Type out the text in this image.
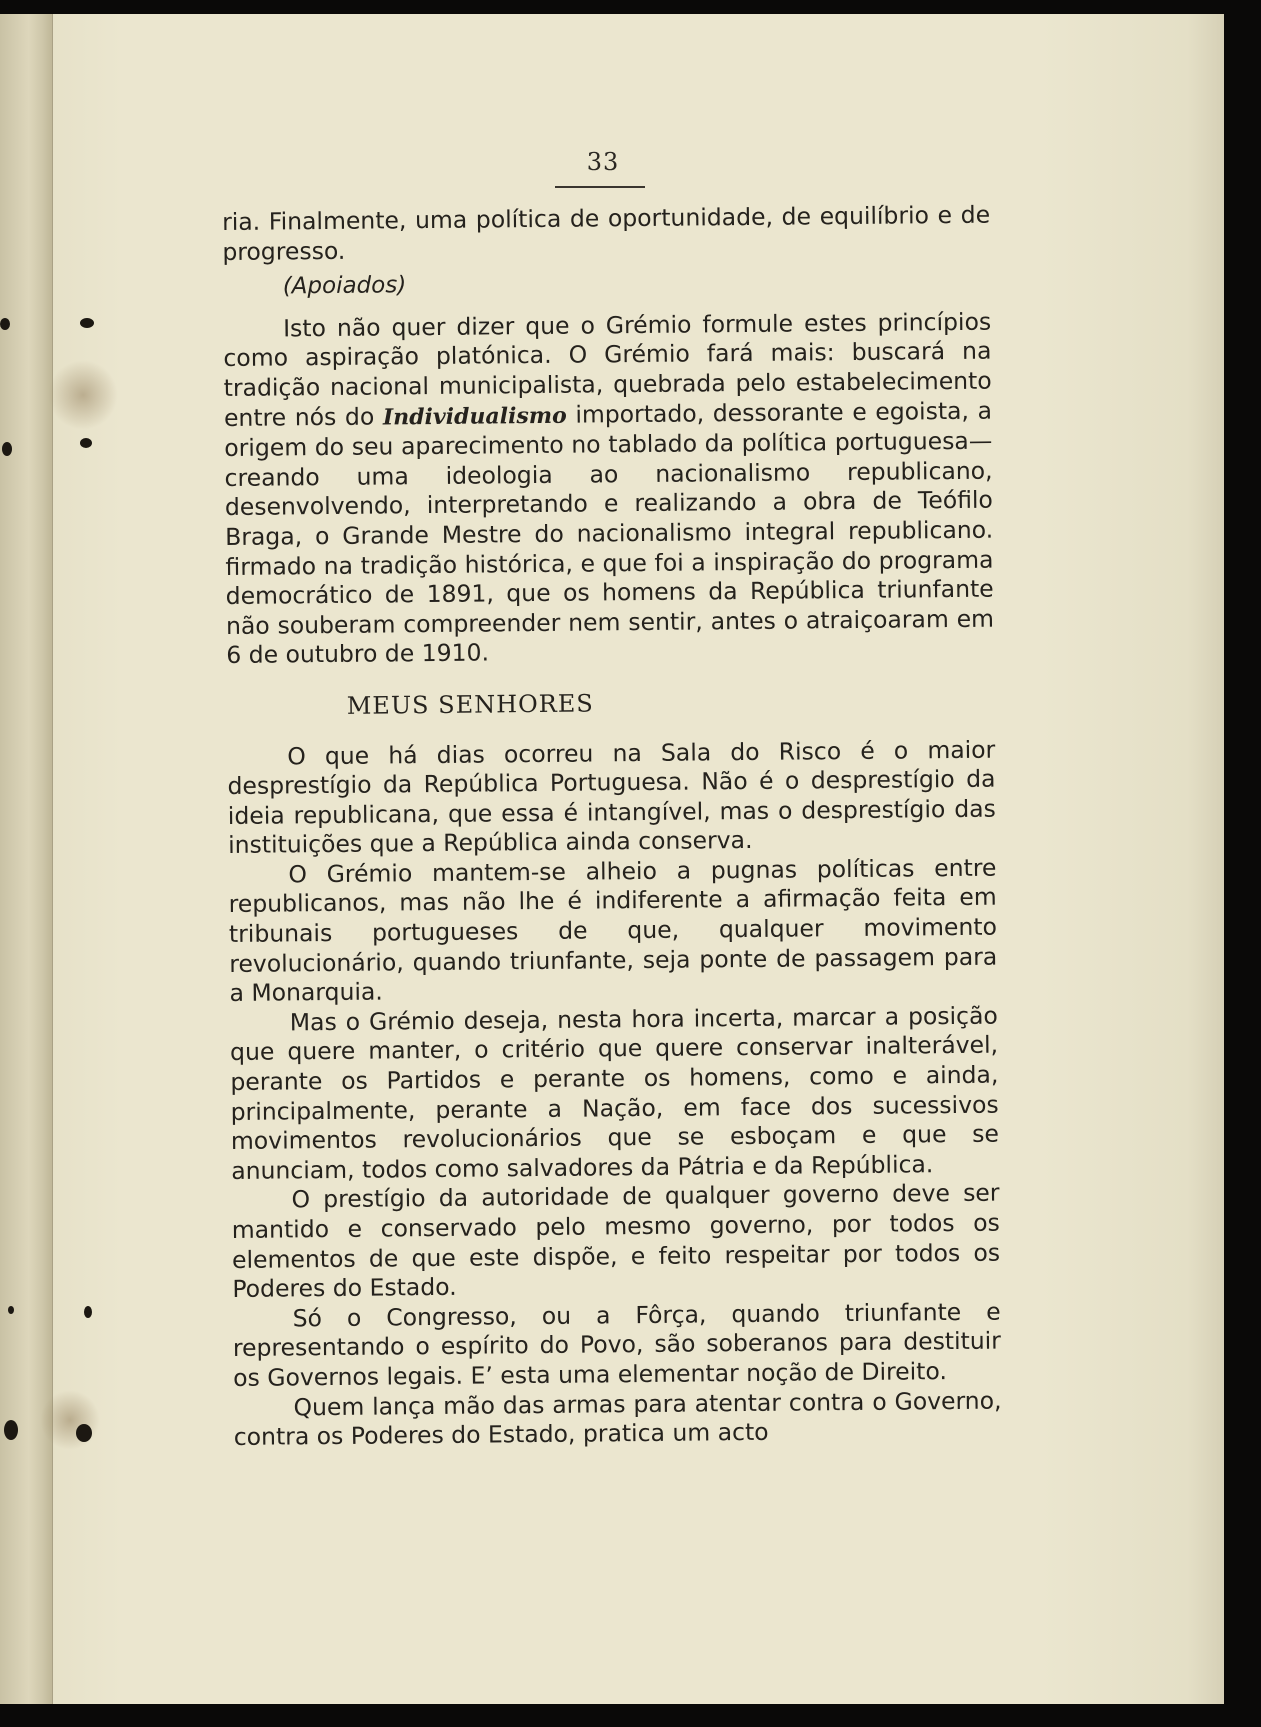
33

ria. Finalmente, uma política de oportunidade, de equilíbrio e de progresso.

(Apoiados)

Isto não quer dizer que o Grémio formule estes princípios como aspiração platónica. O Grémio fará mais: buscará na tradição nacional municipalista, quebrada pelo estabelecimento entre nós do Individualismo importado, dessorante e egoista, a origem do seu aparecimento no tablado da política portuguesa—creando uma ideologia ao nacionalismo republicano, desenvolvendo, interpretando e realizando a obra de Teófilo Braga, o Grande Mestre do nacionalismo integral republicano. firmado na tradição histórica, e que foi a inspiração do programa democrático de 1891, que os homens da República triunfante não souberam compreender nem sentir, antes o atraiçoaram em 6 de outubro de 1910.

MEUS SENHORES

O que há dias ocorreu na Sala do Risco é o maior desprestígio da República Portuguesa. Não é o desprestígio da ideia republicana, que essa é intangível, mas o desprestígio das instituições que a República ainda conserva.

O Grémio mantem-se alheio a pugnas políticas entre republicanos, mas não lhe é indiferente a afirmação feita em tribunais portugueses de que, qualquer movimento revolucionário, quando triunfante, seja ponte de passagem para a Monarquia.

Mas o Grémio deseja, nesta hora incerta, marcar a posição que quere manter, o critério que quere conservar inalterável, perante os Partidos e perante os homens, como e ainda, principalmente, perante a Nação, em face dos sucessivos movimentos revolucionários que se esboçam e que se anunciam, todos como salvadores da Pátria e da República.

O prestígio da autoridade de qualquer governo deve ser mantido e conservado pelo mesmo governo, por todos os elementos de que este dispõe, e feito respeitar por todos os Poderes do Estado.

Só o Congresso, ou a Fôrça, quando triunfante e representando o espírito do Povo, são soberanos para destituir os Governos legais. E’ esta uma elementar noção de Direito.

Quem lança mão das armas para atentar contra o Governo, contra os Poderes do Estado, pratica um acto
